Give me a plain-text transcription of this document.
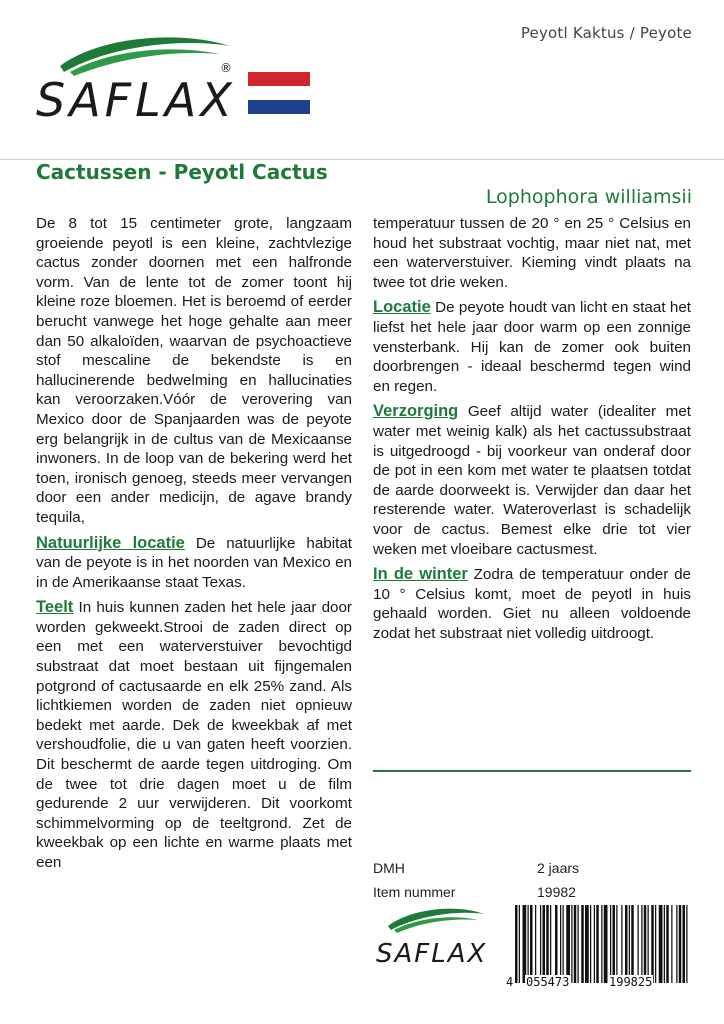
SAFLAX
®
Peyotl Kaktus / Peyote
Cactussen - Peyotl Cactus
Lophophora williamsii

De 8 tot 15 centimeter grote, langzaam groeiende peyotl is een kleine, zachtvlezige cactus zonder doornen met een halfronde vorm. Van de lente tot de zomer toont hij kleine roze bloemen. Het is beroemd of eerder berucht vanwege het hoge gehalte aan meer dan 50 alkaloïden, waarvan de psychoactieve stof mescaline de bekendste is en hallucinerende bedwelming en hallucinaties kan veroorzaken.Vóór de verovering van Mexico door de Spanjaarden was de peyote erg belangrijk in de cultus van de Mexicaanse inwoners. In de loop van de bekering werd het toen, ironisch genoeg, steeds meer vervangen door een ander medicijn, de agave brandy tequila,

Natuurlijke locatie De natuurlijke habitat van de peyote is in het noorden van Mexico en in de Amerikaanse staat Texas.

Teelt In huis kunnen zaden het hele jaar door worden gekweekt.Strooi de zaden direct op een met een waterverstuiver bevochtigd substraat dat moet bestaan uit fijngemalen potgrond of cactusaarde en elk 25% zand. Als lichtkiemen worden de zaden niet opnieuw bedekt met aarde. Dek de kweekbak af met vershoudfolie, die u van gaten heeft voorzien. Dit beschermt de aarde tegen uitdroging. Om de twee tot drie dagen moet u de film gedurende 2 uur verwijderen. Dit voorkomt schimmelvorming op de teeltgrond. Zet de kweekbak op een lichte en warme plaats met een

temperatuur tussen de 20 ° en 25 ° Celsius en houd het substraat vochtig, maar niet nat, met een waterverstuiver. Kieming vindt plaats na twee tot drie weken.

Locatie De peyote houdt van licht en staat het liefst het hele jaar door warm op een zonnige vensterbank. Hij kan de zomer ook buiten doorbrengen - ideaal beschermd tegen wind en regen.

Verzorging Geef altijd water (idealiter met water met weinig kalk) als het cactussubstraat is uitgedroogd - bij voorkeur van onderaf door de pot in een kom met water te plaatsen totdat de aarde doorweekt is. Verwijder dan daar het resterende water. Wateroverlast is schadelijk voor de cactus. Bemest elke drie tot vier weken met vloeibare cactusmest.

In de winter Zodra de temperatuur onder de 10 ° Celsius komt, moet de peyotl in huis gehaald worden. Giet nu alleen voldoende zodat het substraat niet volledig uitdroogt.

DMH
Item nummer
2 jaars
19982
SAFLAX
4 055473	199825
